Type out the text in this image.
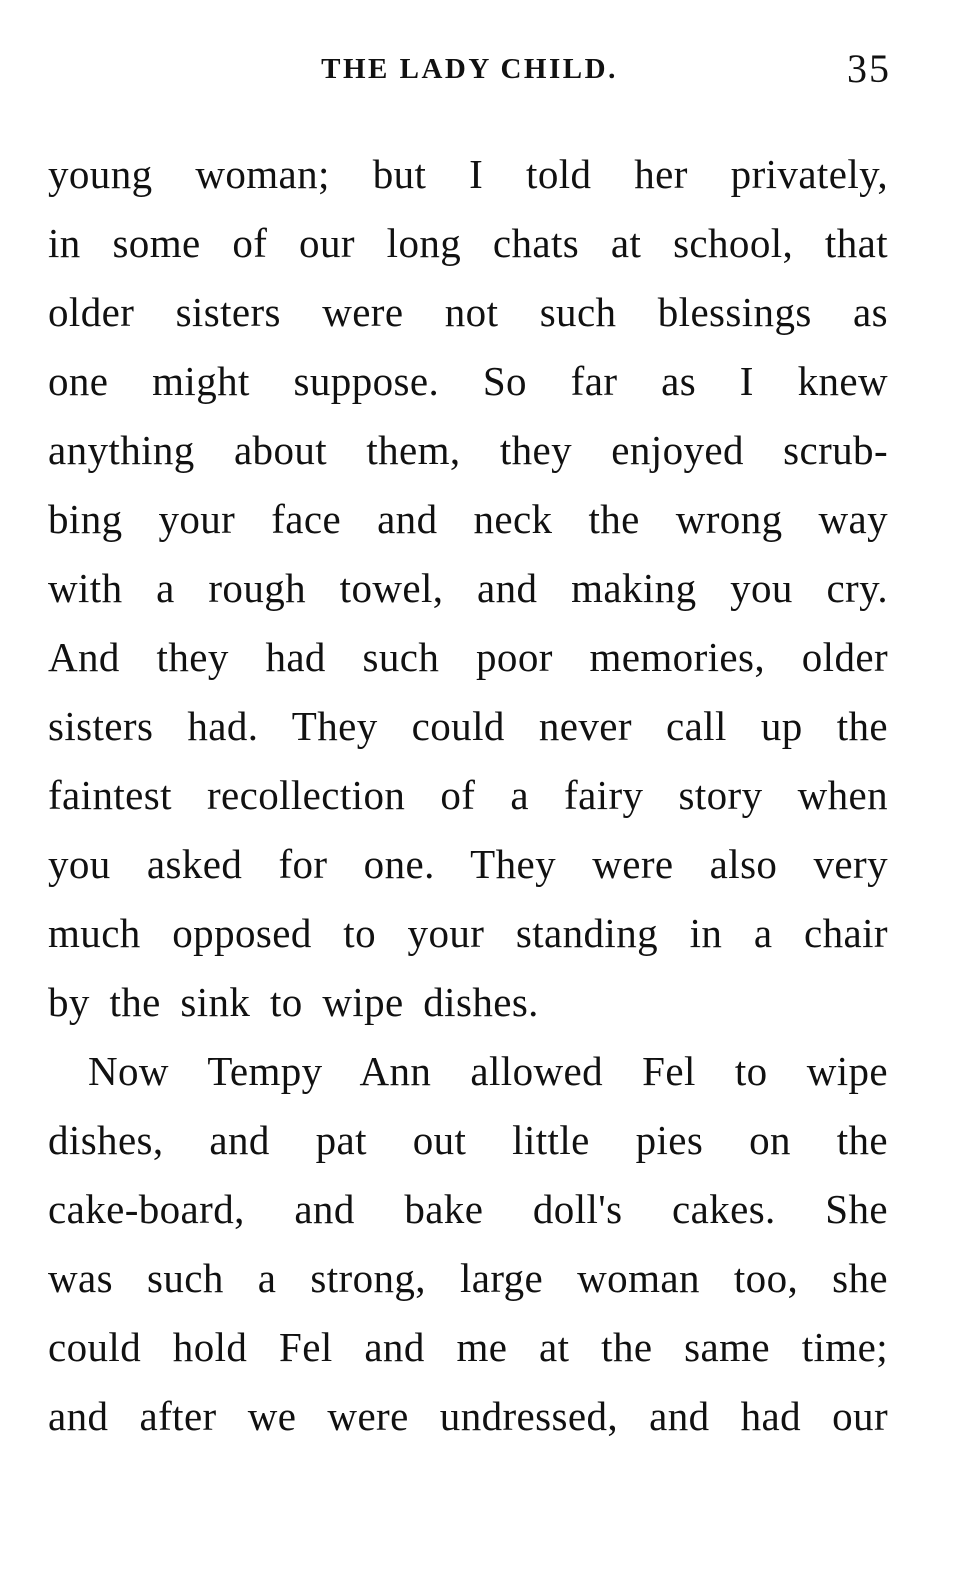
THE LADY CHILD.	35
young woman; but I told her privately,
in some of our long chats at school, that
older sisters were not such blessings as
one might suppose. So far as I knew
anything about them, they enjoyed scrub-
bing your face and neck the wrong way
with a rough towel, and making you cry.
And they had such poor memories, older
sisters had. They could never call up the
faintest recollection of a fairy story when
you asked for one. They were also very
much opposed to your standing in a chair
by the sink to wipe dishes.
Now Tempy Ann allowed Fel to wipe
dishes, and pat out little pies on the
cake-board, and bake doll's cakes. She
was such a strong, large woman too, she
could hold Fel and me at the same time;
and after we were undressed, and had our
